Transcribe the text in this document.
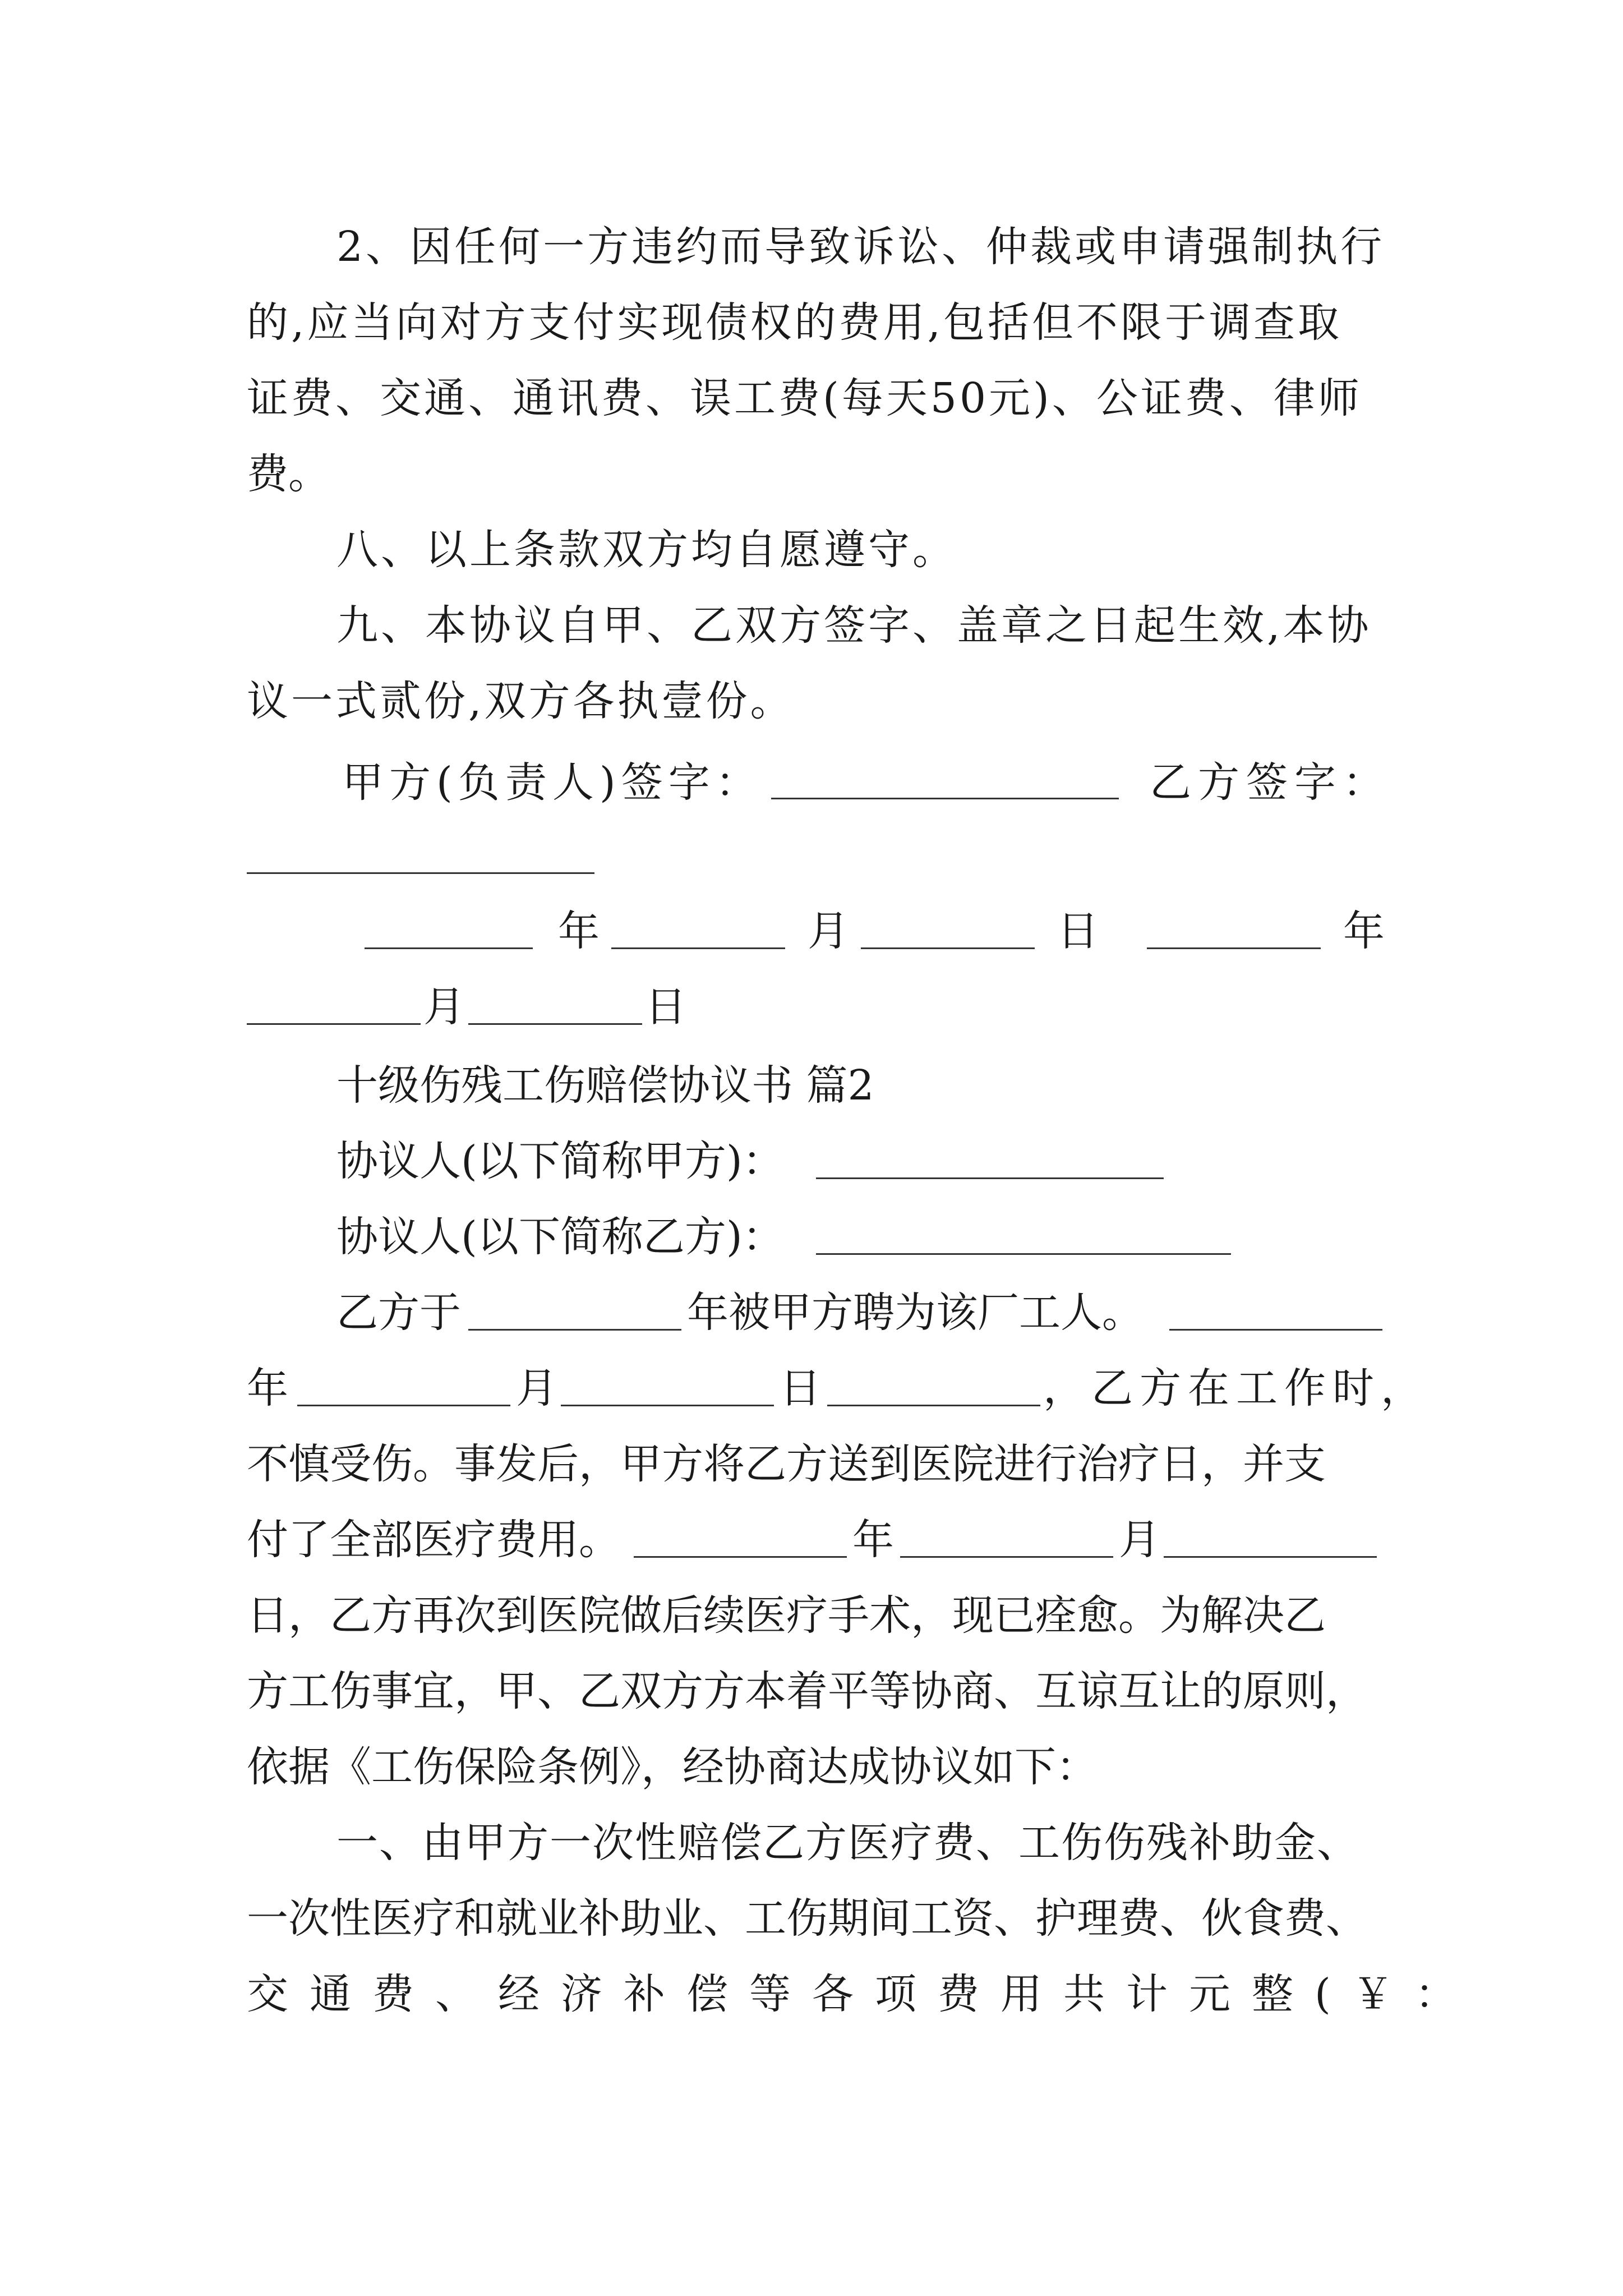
2、因任何一方违约而导致诉讼、仲裁或申请强制执行
的,应当向对方支付实现债权的费用,包括但不限于调查取
证费、交通、通讯费、误工费(每天50元)、公证费、律师
费。
八、以上条款双方均自愿遵守。
九、本协议自甲、乙双方签字、盖章之日起生效,本协
议一式贰份,双方各执壹份。
甲方(负责人)签字：	乙方签字：
年	月	日	年
月	日
十级伤残工伤赔偿协议书 篇2
协议人(以下简称甲方)：
协议人(以下简称乙方)：
乙方于	年被甲方聘为该厂工人。
年	月	日	，乙方在工作时，
不慎受伤。事发后，甲方将乙方送到医院进行治疗日，并支
付了全部医疗费用。	年	月
日，乙方再次到医院做后续医疗手术，现已痊愈。为解决乙
方工伤事宜，甲、乙双方方本着平等协商、互谅互让的原则，
依据《工伤保险条例》，经协商达成协议如下：
一、由甲方一次性赔偿乙方医疗费、工伤伤残补助金、
一次性医疗和就业补助业、工伤期间工资、护理费、伙食费、
交通费、经济补偿等各项费用共计元整(￥：
